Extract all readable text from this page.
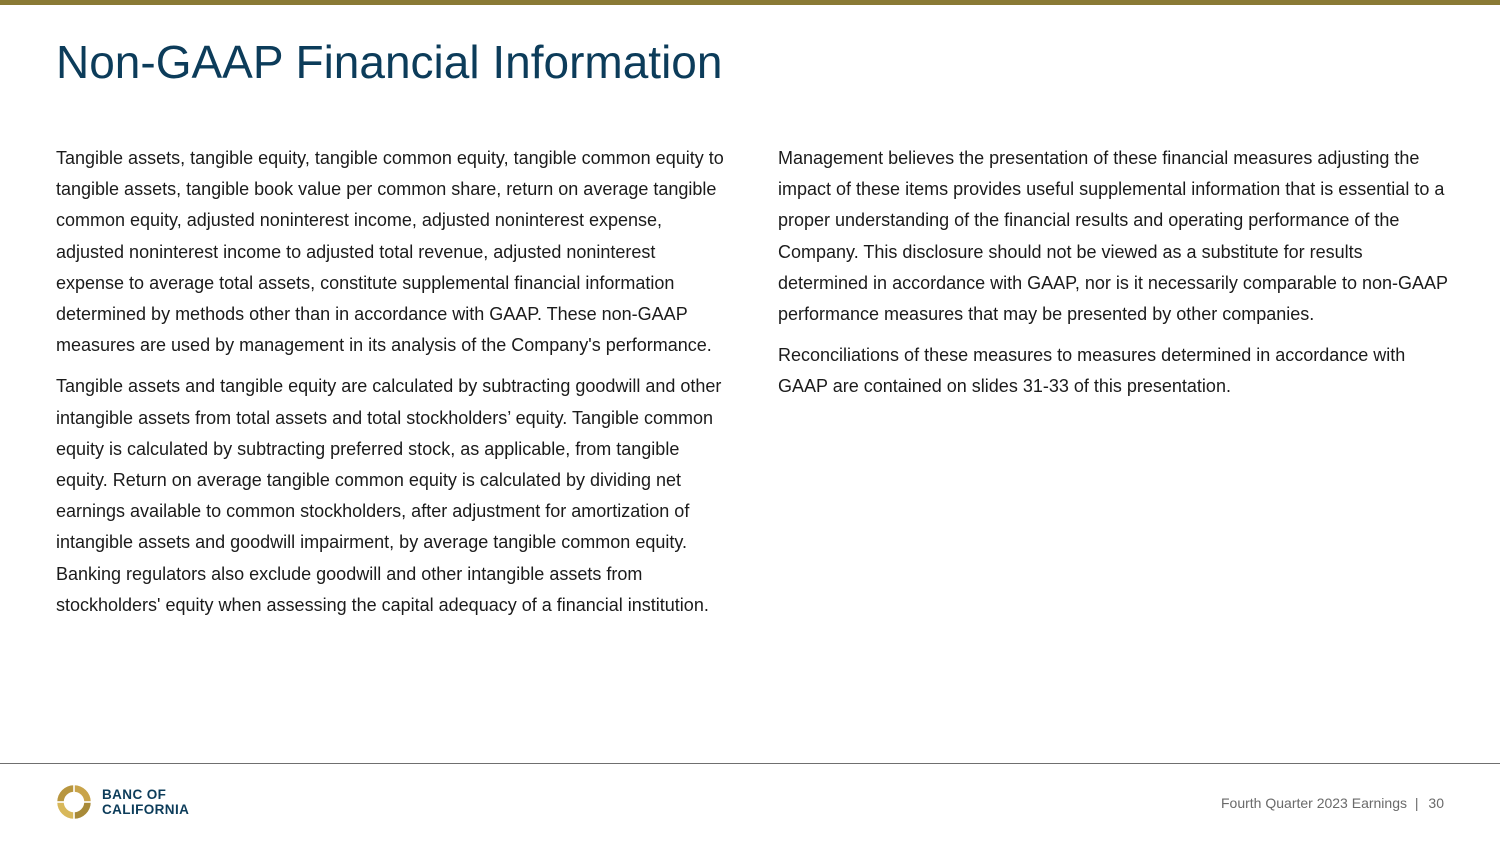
Non-GAAP Financial Information

Tangible assets, tangible equity, tangible common equity, tangible common equity to tangible assets, tangible book value per common share, return on average tangible common equity, adjusted noninterest income, adjusted noninterest expense, adjusted noninterest income to adjusted total revenue, adjusted noninterest expense to average total assets, constitute supplemental financial information determined by methods other than in accordance with GAAP. These non-GAAP measures are used by management in its analysis of the Company's performance.

Tangible assets and tangible equity are calculated by subtracting goodwill and other intangible assets from total assets and total stockholders’ equity. Tangible common equity is calculated by subtracting preferred stock, as applicable, from tangible equity. Return on average tangible common equity is calculated by dividing net earnings available to common stockholders, after adjustment for amortization of intangible assets and goodwill impairment, by average tangible common equity. Banking regulators also exclude goodwill and other intangible assets from stockholders' equity when assessing the capital adequacy of a financial institution.

Management believes the presentation of these financial measures adjusting the impact of these items provides useful supplemental information that is essential to a proper understanding of the financial results and operating performance of the Company. This disclosure should not be viewed as a substitute for results determined in accordance with GAAP, nor is it necessarily comparable to non-GAAP performance measures that may be presented by other companies.

Reconciliations of these measures to measures determined in accordance with GAAP are contained on slides 31-33 of this presentation.

BANC OF
CALIFORNIA	Fourth Quarter 2023 Earnings | 30
